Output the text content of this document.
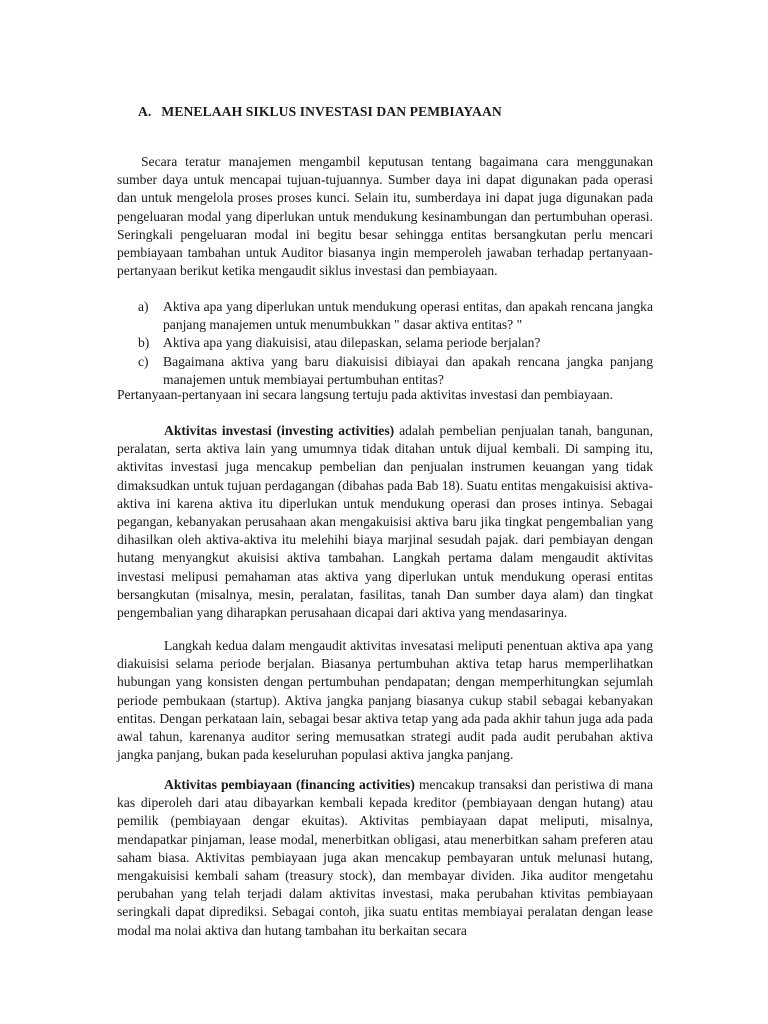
A. MENELAAH SIKLUS INVESTASI DAN PEMBIAYAAN

Secara teratur manajemen mengambil keputusan tentang bagaimana cara menggunakan sumber daya untuk mencapai tujuan-tujuannya. Sumber daya ini dapat digunakan pada operasi dan untuk mengelola proses proses kunci. Selain itu, sumberdaya ini dapat juga digunakan pada pengeluaran modal yang diperlukan untuk mendukung kesinambungan dan pertumbuhan operasi. Seringkali pengeluaran modal ini begitu besar sehingga entitas bersangkutan perlu mencari pembiayaan tambahan untuk Auditor biasanya ingin memperoleh jawaban terhadap pertanyaan-pertanyaan berikut ketika mengaudit siklus investasi dan pembiayaan.

a)	Aktiva apa yang diperlukan untuk mendukung operasi entitas, dan apakah rencana jangka panjang manajemen untuk menumbukkan " dasar aktiva entitas? "
b)	Aktiva apa yang diakuisisi, atau dilepaskan, selama periode berjalan?
c)	Bagaimana aktiva yang baru diakuisisi dibiayai dan apakah rencana jangka panjang manajemen untuk membiayai pertumbuhan entitas?

Pertanyaan-pertanyaan ini secara langsung tertuju pada aktivitas investasi dan pembiayaan.

Aktivitas investasi (investing activities) adalah pembelian penjualan tanah, bangunan, peralatan, serta aktiva lain yang umumnya tidak ditahan untuk dijual kembali. Di samping itu, aktivitas investasi juga mencakup pembelian dan penjualan instrumen keuangan yang tidak dimaksudkan untuk tujuan perdagangan (dibahas pada Bab 18). Suatu entitas mengakuisisi aktiva-aktiva ini karena aktiva itu diperlukan untuk mendukung operasi dan proses intinya. Sebagai pegangan, kebanyakan perusahaan akan mengakuisisi aktiva baru jika tingkat pengembalian yang dihasilkan oleh aktiva-aktiva itu melehihi biaya marjinal sesudah pajak. dari pembiayan dengan hutang menyangkut akuisisi aktiva tambahan. Langkah pertama dalam mengaudit aktivitas investasi melipusi pemahaman atas aktiva yang diperlukan untuk mendukung operasi entitas bersangkutan (misalnya, mesin, peralatan, fasilitas, tanah Dan sumber daya alam) dan tingkat pengembalian yang diharapkan perusahaan dicapai dari aktiva yang mendasarinya.

Langkah kedua dalam mengaudit aktivitas invesatasi meliputi penentuan aktiva apa yang diakuisisi selama periode berjalan. Biasanya pertumbuhan aktiva tetap harus memperlihatkan hubungan yang konsisten dengan pertumbuhan pendapatan; dengan memperhitungkan sejumlah periode pembukaan (startup). Aktiva jangka panjang biasanya cukup stabil sebagai kebanyakan entitas. Dengan perkataan lain, sebagai besar aktiva tetap yang ada pada akhir tahun juga ada pada awal tahun, karenanya auditor sering memusatkan strategi audit pada audit perubahan aktiva jangka panjang, bukan pada keseluruhan populasi aktiva jangka panjang.

Aktivitas pembiayaan (financing activities) mencakup transaksi dan peristiwa di mana kas diperoleh dari atau dibayarkan kembali kepada kreditor (pembiayaan dengan hutang) atau pemilik (pembiayaan dengar ekuitas). Aktivitas pembiayaan dapat meliputi, misalnya, mendapatkar pinjaman, lease modal, menerbitkan obligasi, atau menerbitkan saham preferen atau saham biasa. Aktivitas pembiayaan juga akan mencakup pembayaran untuk melunasi hutang, mengakuisisi kembali saham (treasury stock), dan membayar dividen. Jika auditor mengetahu perubahan yang telah terjadi dalam aktivitas investasi, maka perubahan ktivitas pembiayaan seringkali dapat diprediksi. Sebagai contoh, jika suatu entitas membiayai peralatan dengan lease modal ma nolai aktiva dan hutang tambahan itu berkaitan secara
